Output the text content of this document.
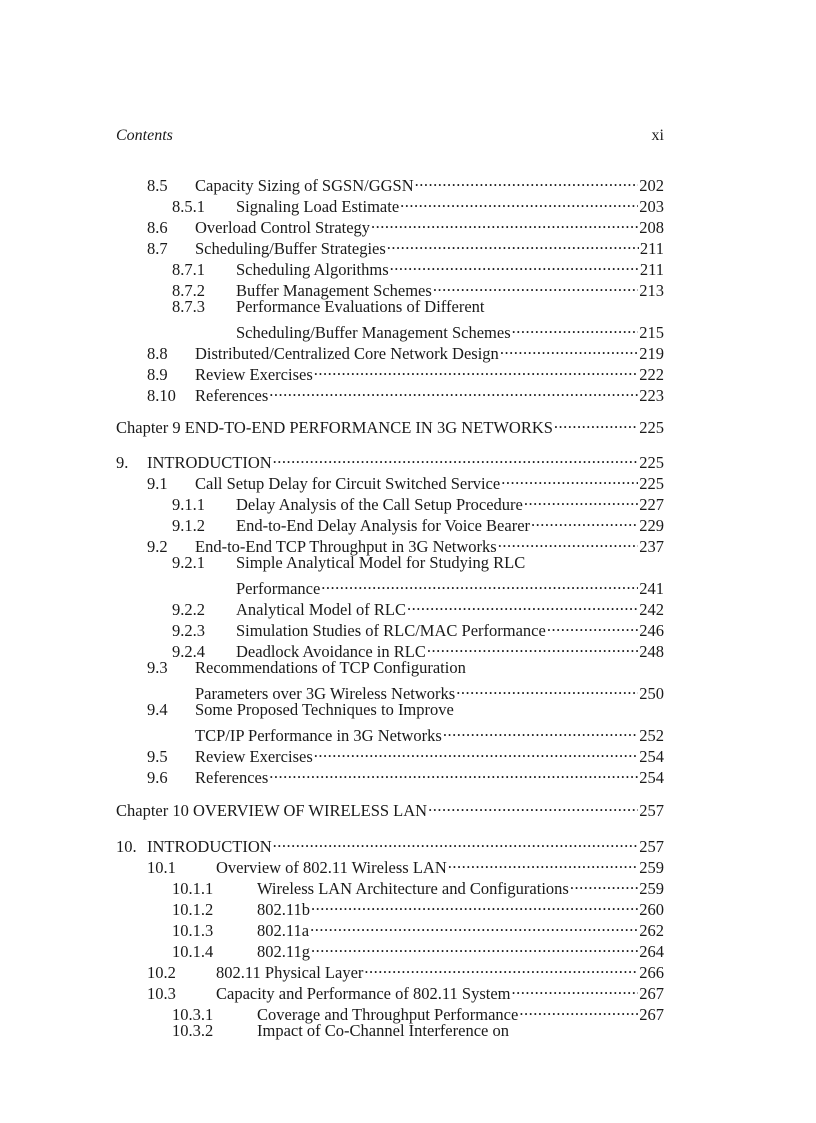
Contents	xi
8.5	Capacity Sizing of SGSN/GGSN .....	202
8.5.1	Signaling Load Estimate .....	203
8.6	Overload Control Strategy .....	208
8.7	Scheduling/Buffer Strategies .....	211
8.7.1	Scheduling Algorithms .....	211
8.7.2	Buffer Management Schemes .....	213
8.7.3	Performance Evaluations of Different
Scheduling/Buffer Management Schemes .....	215
8.8	Distributed/Centralized Core Network Design .....	219
8.9	Review Exercises .....	222
8.10	References .....	223
Chapter 9 END-TO-END PERFORMANCE IN 3G NETWORKS .....	225
9.	INTRODUCTION .....	225
9.1	Call Setup Delay for Circuit Switched Service .....	225
9.1.1	Delay Analysis of the Call Setup Procedure .....	227
9.1.2	End-to-End Delay Analysis for Voice Bearer .....	229
9.2	End-to-End TCP Throughput in 3G Networks .....	237
9.2.1	Simple Analytical Model for Studying RLC
Performance .....	241
9.2.2	Analytical Model of RLC .....	242
9.2.3	Simulation Studies of RLC/MAC Performance .....	246
9.2.4	Deadlock Avoidance in RLC .....	248
9.3	Recommendations of TCP Configuration
Parameters over 3G Wireless Networks .....	250
9.4	Some Proposed Techniques to Improve
TCP/IP Performance in 3G Networks .....	252
9.5	Review Exercises .....	254
9.6	References .....	254
Chapter 10 OVERVIEW OF WIRELESS LAN .....	257
10. INTRODUCTION .....	257
10.1	Overview of 802.11 Wireless LAN .....	259
10.1.1	Wireless LAN Architecture and Configurations .....	259
10.1.2	802.11b .....	260
10.1.3	802.11a .....	262
10.1.4	802.11g .....	264
10.2	802.11 Physical Layer .....	266
10.3	Capacity and Performance of 802.11 System .....	267
10.3.1	Coverage and Throughput Performance .....	267
10.3.2	Impact of Co-Channel Interference on
